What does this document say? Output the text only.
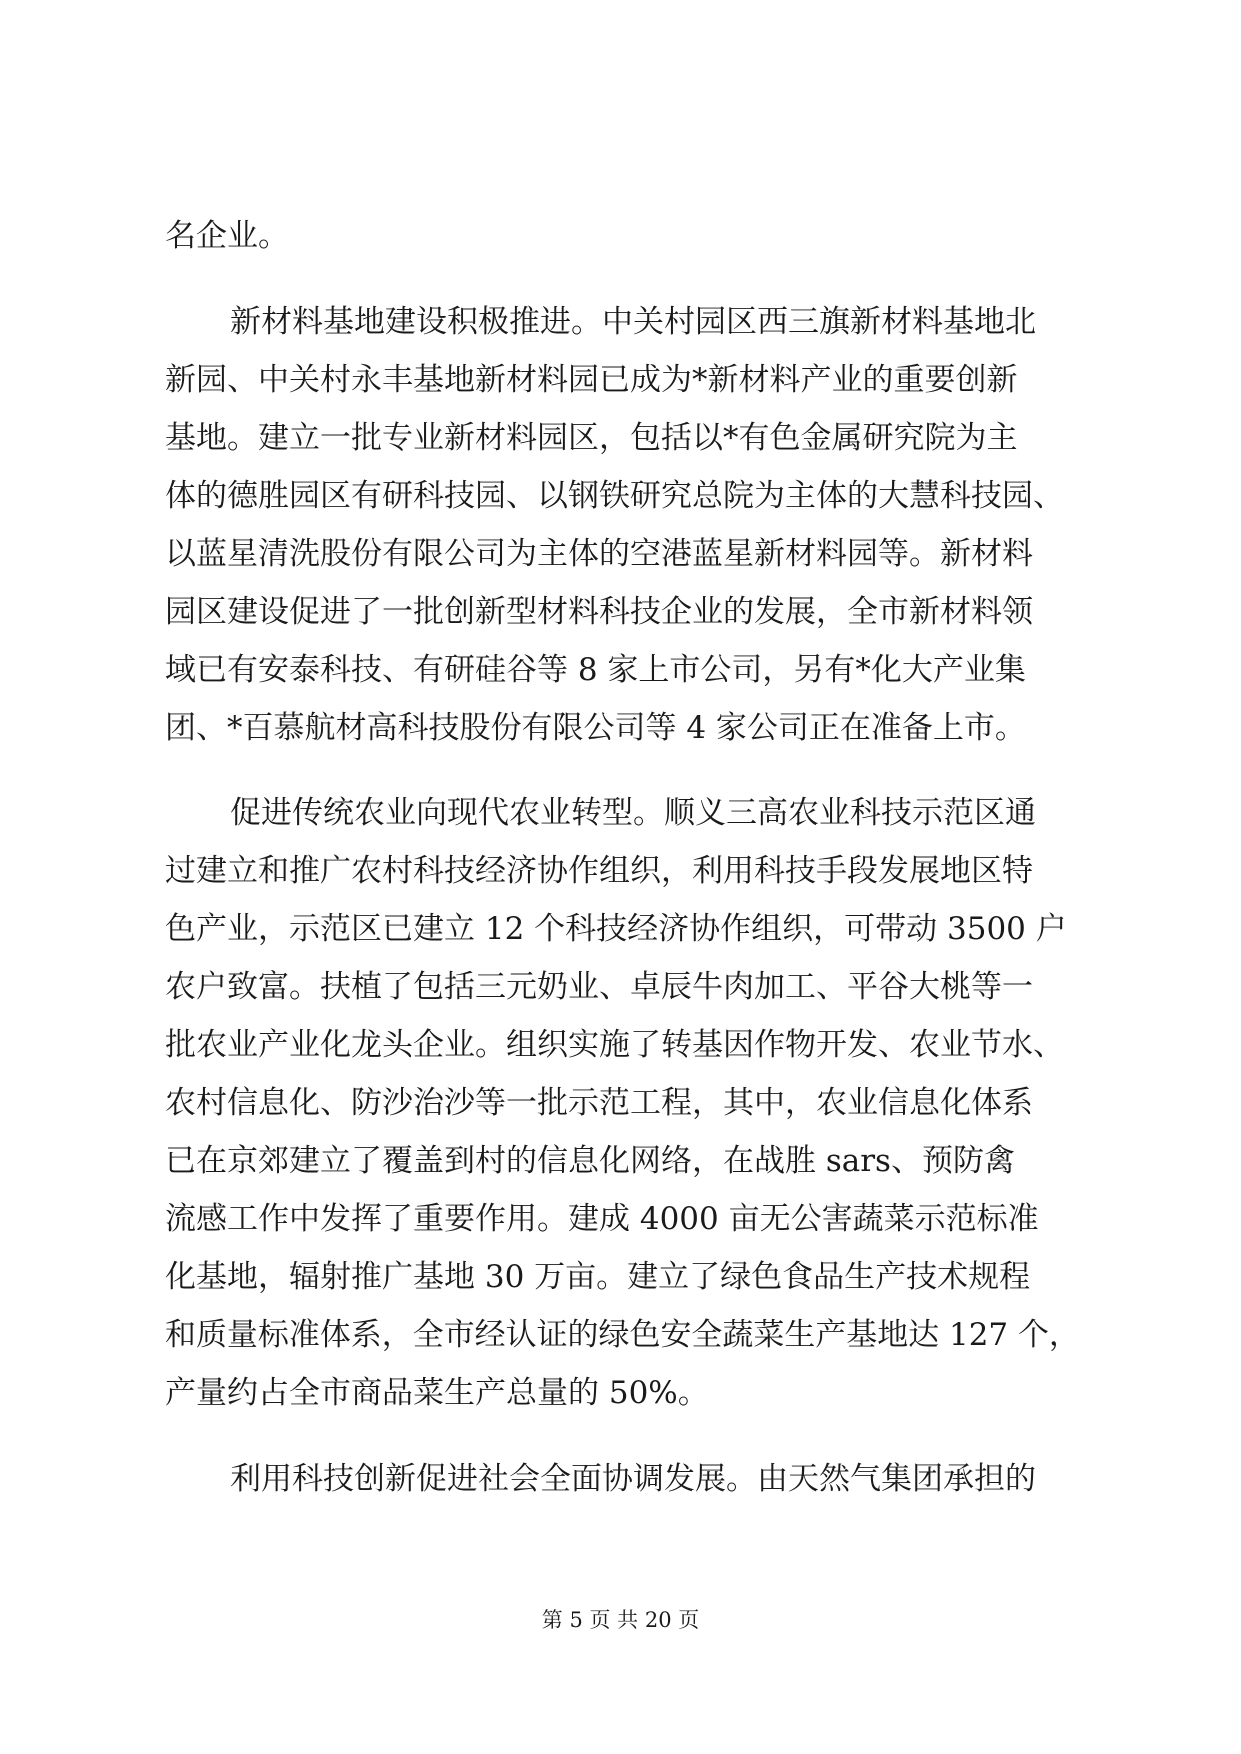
名企业。
新材料基地建设积极推进。中关村园区西三旗新材料基地北
新园、中关村永丰基地新材料园已成为*新材料产业的重要创新
基地。建立一批专业新材料园区，包括以*有色金属研究院为主
体的德胜园区有研科技园、以钢铁研究总院为主体的大慧科技园、
以蓝星清洗股份有限公司为主体的空港蓝星新材料园等。新材料
园区建设促进了一批创新型材料科技企业的发展，全市新材料领
域已有安泰科技、有研硅谷等 8 家上市公司，另有*化大产业集
团、*百慕航材高科技股份有限公司等 4 家公司正在准备上市。
促进传统农业向现代农业转型。顺义三高农业科技示范区通
过建立和推广农村科技经济协作组织，利用科技手段发展地区特
色产业，示范区已建立 12 个科技经济协作组织，可带动 3500 户
农户致富。扶植了包括三元奶业、卓辰牛肉加工、平谷大桃等一
批农业产业化龙头企业。组织实施了转基因作物开发、农业节水、
农村信息化、防沙治沙等一批示范工程，其中，农业信息化体系
已在京郊建立了覆盖到村的信息化网络，在战胜 sars、预防禽
流感工作中发挥了重要作用。建成 4000 亩无公害蔬菜示范标准
化基地，辐射推广基地 30 万亩。建立了绿色食品生产技术规程
和质量标准体系，全市经认证的绿色安全蔬菜生产基地达 127 个，
产量约占全市商品菜生产总量的 50%。
利用科技创新促进社会全面协调发展。由天然气集团承担的
第 5 页 共 20 页
